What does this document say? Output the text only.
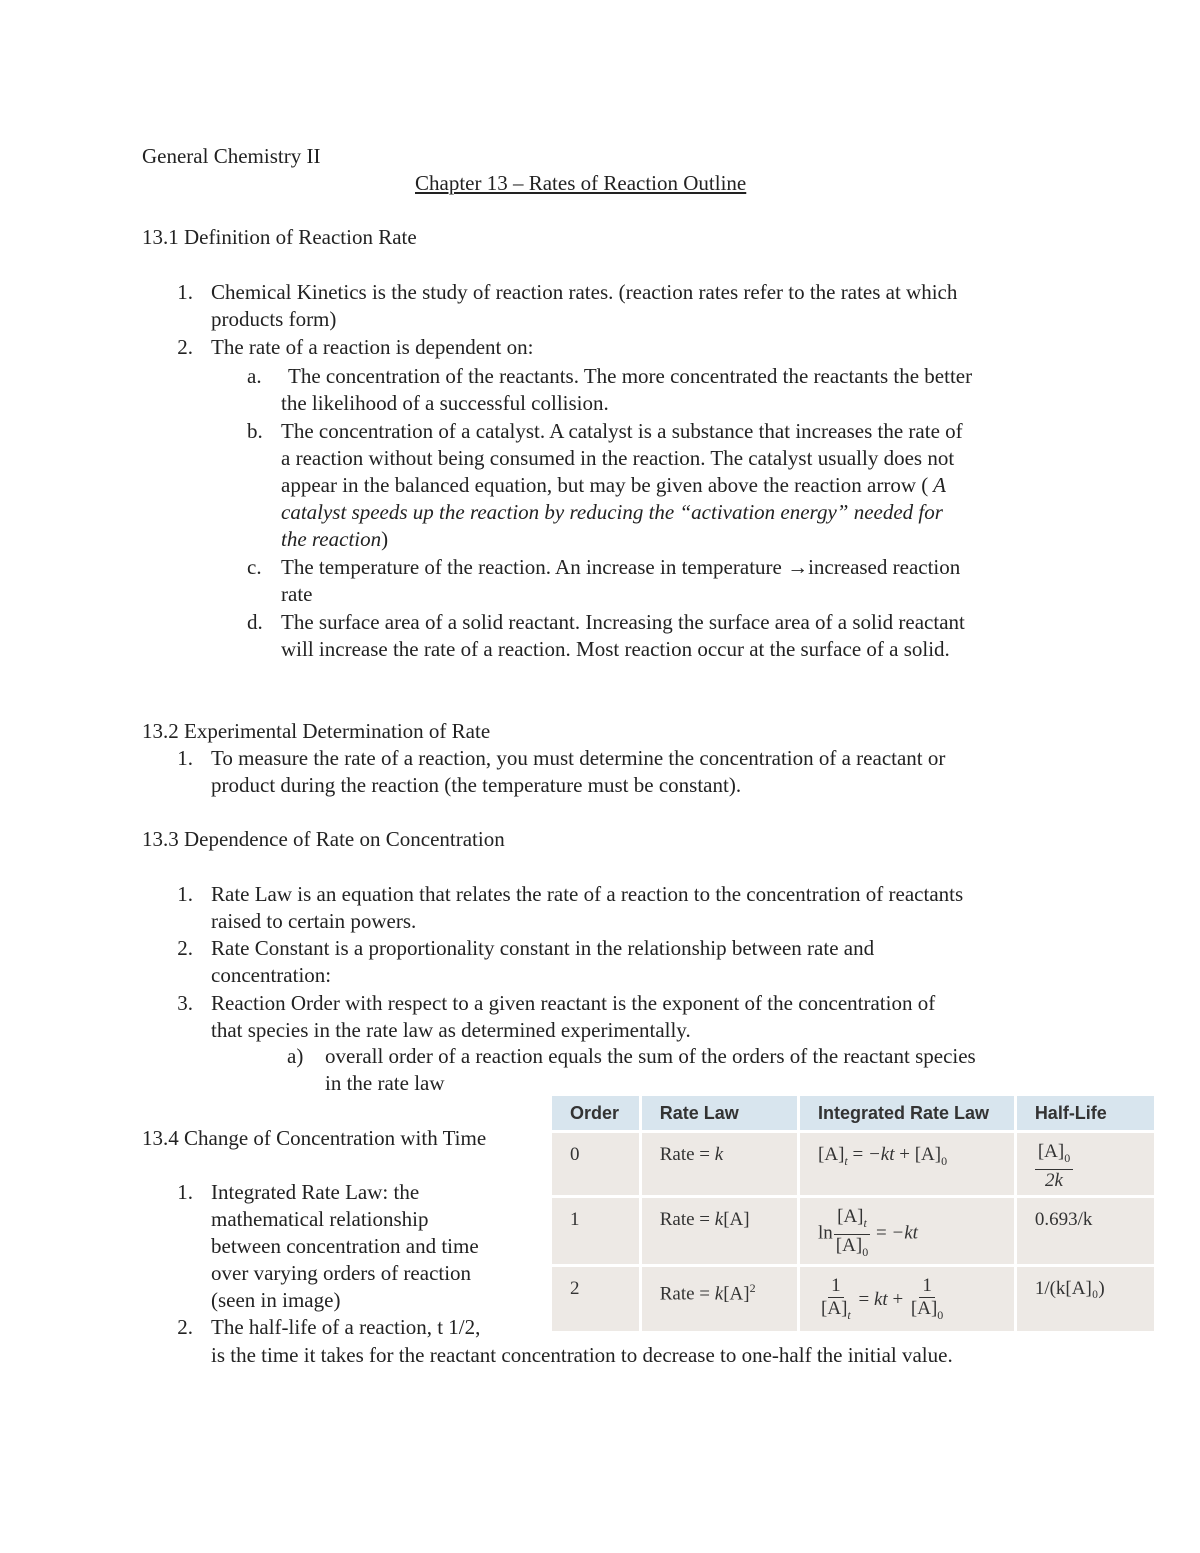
General Chemistry II
Chapter 13 – Rates of Reaction Outline
13.1 Definition of Reaction Rate
1. Chemical Kinetics is the study of reaction rates. (reaction rates refer to the rates at which
products form)
2. The rate of a reaction is dependent on:
a. The concentration of the reactants. The more concentrated the reactants the better
the likelihood of a successful collision.
b. The concentration of a catalyst. A catalyst is a substance that increases the rate of
a reaction without being consumed in the reaction. The catalyst usually does not
appear in the balanced equation, but may be given above the reaction arrow ( A
catalyst speeds up the reaction by reducing the “activation energy” needed for
the reaction)
c. The temperature of the reaction. An increase in temperature →increased reaction
rate
d. The surface area of a solid reactant. Increasing the surface area of a solid reactant
will increase the rate of a reaction. Most reaction occur at the surface of a solid.
13.2 Experimental Determination of Rate
1. To measure the rate of a reaction, you must determine the concentration of a reactant or
product during the reaction (the temperature must be constant).
13.3 Dependence of Rate on Concentration
1. Rate Law is an equation that relates the rate of a reaction to the concentration of reactants
raised to certain powers.
2. Rate Constant is a proportionality constant in the relationship between rate and
concentration:
3. Reaction Order with respect to a given reactant is the exponent of the concentration of
that species in the rate law as determined experimentally.
a) overall order of a reaction equals the sum of the orders of the reactant species
in the rate law
13.4 Change of Concentration with Time
1. Integrated Rate Law: the
mathematical relationship
between concentration and time
over varying orders of reaction
(seen in image)
2. The half-life of a reaction, t 1/2,
is the time it takes for the reactant concentration to decrease to one-half the initial value.
Order	Rate Law	Integrated Rate Law	Half-Life
0	Rate = k	$[A]_t = -kt + [A]_0$	$\frac{[A]_0}{2k}$

1	Rate = k[A]	$\ln \frac{[A]_t}{[A]_0} = -kt$	0.693/k
2	Rate = $k[A]^2$	$\frac{1}{[A]_t}$ = kt + $\frac{1}{[A]_0}$	1/(k[A]₀)
